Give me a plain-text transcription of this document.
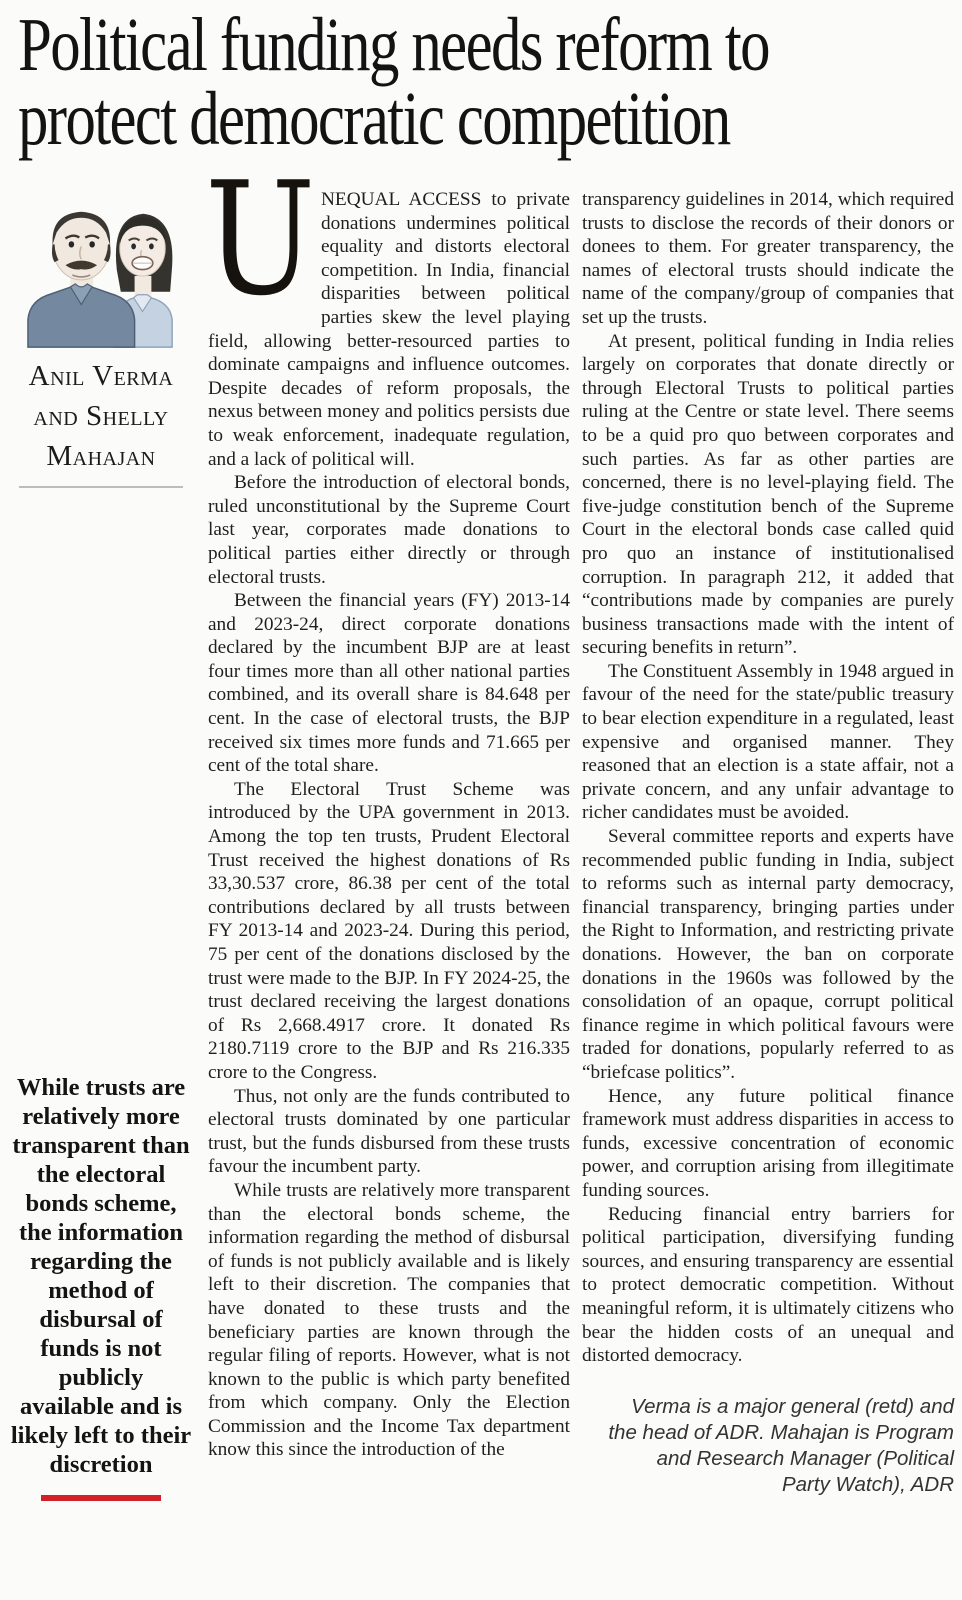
Political funding needs reform to
protect democratic competition
Anil Verma
and Shelly
Mahajan
While trusts are relatively more transparent than the electoral bonds scheme, the information regarding the method of disbursal of funds is not publicly available and is likely left to their discretion

U NEQUAL ACCESS to private donations undermines political equality and distorts electoral competition. In India, financial disparities between political parties skew the level playing field, allowing better-resourced parties to dominate campaigns and influence outcomes. Despite decades of reform proposals, the nexus between money and politics persists due to weak enforcement, inadequate regulation, and a lack of political will.

Before the introduction of electoral bonds, ruled unconstitutional by the Supreme Court last year, corporates made donations to political parties either directly or through electoral trusts.

Between the financial years (FY) 2013-14 and 2023-24, direct corporate donations declared by the incumbent BJP are at least four times more than all other national parties combined, and its overall share is 84.648 per cent. In the case of electoral trusts, the BJP received six times more funds and 71.665 per cent of the total share.

The Electoral Trust Scheme was introduced by the UPA government in 2013. Among the top ten trusts, Prudent Electoral Trust received the highest donations of Rs 33,30.537 crore, 86.38 per cent of the total contributions declared by all trusts between FY 2013-14 and 2023-24. During this period, 75 per cent of the donations disclosed by the trust were made to the BJP. In FY 2024-25, the trust declared receiving the largest donations of Rs 2,668.4917 crore. It donated Rs 2180.7119 crore to the BJP and Rs 216.335 crore to the Congress.

Thus, not only are the funds contributed to electoral trusts dominated by one particular trust, but the funds disbursed from these trusts favour the incumbent party.

While trusts are relatively more transparent than the electoral bonds scheme, the information regarding the method of disbursal of funds is not publicly available and is likely left to their discretion. The companies that have donated to these trusts and the beneficiary parties are known through the regular filing of reports. However, what is not known to the public is which party benefited from which company. Only the Election Commission and the Income Tax department know this since the introduction of the

transparency guidelines in 2014, which required trusts to disclose the records of their donors or donees to them. For greater transparency, the names of electoral trusts should indicate the name of the company/group of companies that set up the trusts.

At present, political funding in India relies largely on corporates that donate directly or through Electoral Trusts to political parties ruling at the Centre or state level. There seems to be a quid pro quo between corporates and such parties. As far as other parties are concerned, there is no level-playing field. The five-judge constitution bench of the Supreme Court in the electoral bonds case called quid pro quo an instance of institutionalised corruption. In paragraph 212, it added that “contributions made by companies are purely business transactions made with the intent of securing benefits in return”.

The Constituent Assembly in 1948 argued in favour of the need for the state/public treasury to bear election expenditure in a regulated, least expensive and organised manner. They reasoned that an election is a state affair, not a private concern, and any unfair advantage to richer candidates must be avoided.

Several committee reports and experts have recommended public funding in India, subject to reforms such as internal party democracy, financial transparency, bringing parties under the Right to Information, and restricting private donations. However, the ban on corporate donations in the 1960s was followed by the consolidation of an opaque, corrupt political finance regime in which political favours were traded for donations, popularly referred to as “briefcase politics”.

Hence, any future political finance framework must address disparities in access to funds, excessive concentration of economic power, and corruption arising from illegitimate funding sources.

Reducing financial entry barriers for political participation, diversifying funding sources, and ensuring transparency are essential to protect democratic competition. Without meaningful reform, it is ultimately citizens who bear the hidden costs of an unequal and distorted democracy.

Verma is a major general (retd) and the head of ADR. Mahajan is Program and Research Manager (Political Party Watch), ADR
